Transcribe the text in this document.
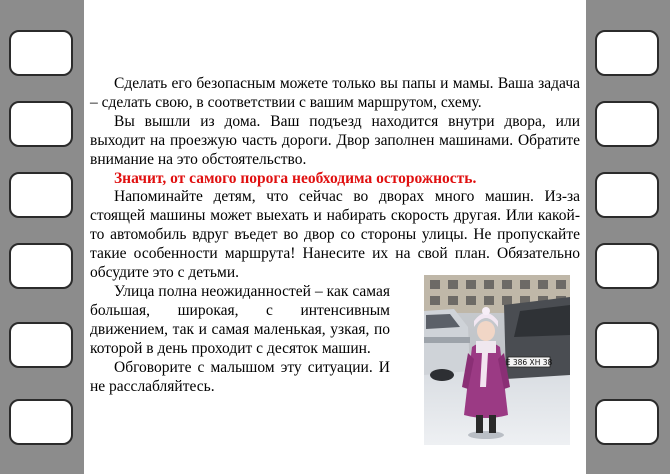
Сделать его безопасным можете только вы папы и мамы. Ваша задача – сделать свою, в соответствии с вашим маршрутом, схему.

Вы вышли из дома. Ваш подъезд находится внутри двора, или выходит на проезжую часть дороги. Двор заполнен машинами. Обратите внимание на это обстоятельство.

Значит, от самого порога необходима осторожность.

Напоминайте детям, что сейчас во дворах много машин. Из-за стоящей машины может выехать и набирать скорость другая. Или какой-то автомобиль вдруг въедет во двор со стороны улицы. Не пропускайте такие особенности маршрута! Нанесите их на свой план. Обязательно обсудите это с детьми.

Улица полна неожиданностей – как самая большая, широкая, с интенсивным движением, так и самая маленькая, узкая, по которой в день проходит с десяток машин.

Обговорите с малышом эту ситуации. И не расслабляйтесь.

Е 386 ХН 38
